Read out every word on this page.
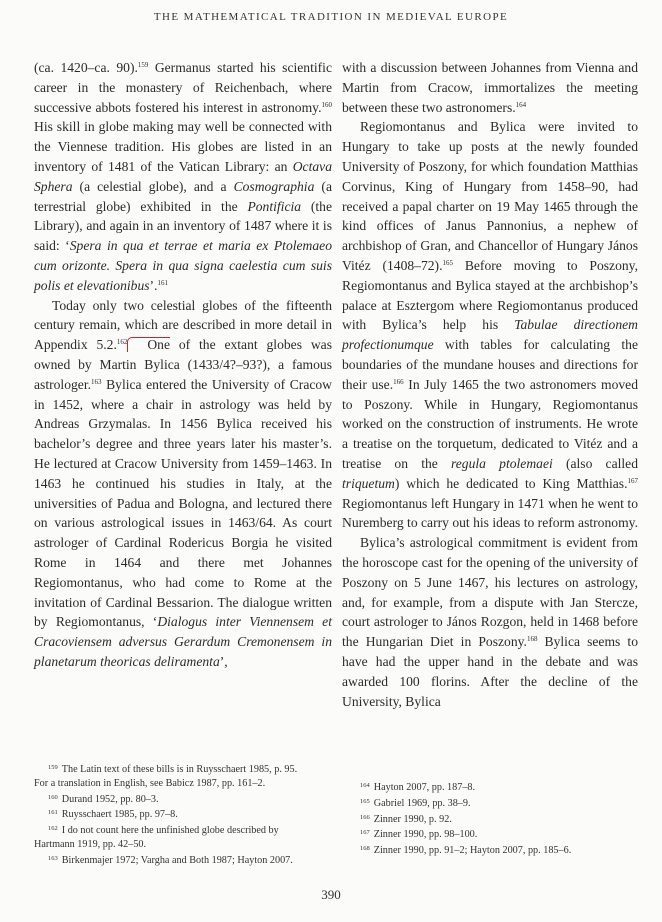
THE MATHEMATICAL TRADITION IN MEDIEVAL EUROPE

(ca. 1420–ca. 90).$^{159}$ Germanus started his scientific career in the monastery of Reichenbach, where successive abbots fostered his interest in astronomy.$^{160}$ His skill in globe making may well be connected with the Viennese tradition. His globes are listed in an inventory of 1481 of the Vatican Library: an Octava Sphera (a celestial globe), and a Cosmographia (a terrestrial globe) exhibited in the Pontificia (the Library), and again in an inventory of 1487 where it is said: ‘Spera in qua et terrae et maria ex Ptolemaeo cum orizonte. Spera in qua signa caelestia cum suis polis et elevationibus’.$^{161}$

Today only two celestial globes of the fifteenth century remain, which are described in more detail in Appendix 5.2.$^{162}$ One of the extant globes was owned by Martin Bylica (1433/4?–93?), a famous astrologer.$^{163}$ Bylica entered the University of Cracow in 1452, where a chair in astrology was held by Andreas Grzymalas. In 1456 Bylica received his bachelor’s degree and three years later his master’s. He lectured at Cracow University from 1459–1463. In 1463 he continued his studies in Italy, at the universities of Padua and Bologna, and lectured there on various astrological issues in 1463/64. As court astrologer of Cardinal Rodericus Borgia he visited Rome in 1464 and there met Johannes Regiomontanus, who had come to Rome at the invitation of Cardinal Bessarion. The dialogue written by Regiomontanus, ‘Dialogus inter Viennensem et Cracoviensem adversus Gerardum Cremonensem in planetarum theoricas deliramenta’,

with a discussion between Johannes from Vienna and Martin from Cracow, immortalizes the meeting between these two astronomers.$^{164}$

Regiomontanus and Bylica were invited to Hungary to take up posts at the newly founded University of Poszony, for which foundation Matthias Corvinus, King of Hungary from 1458–90, had received a papal charter on 19 May 1465 through the kind offices of Janus Pannonius, a nephew of archbishop of Gran, and Chancellor of Hungary János Vitéz (1408–72).$^{165}$ Before moving to Poszony, Regiomontanus and Bylica stayed at the archbishop’s palace at Esztergom where Regiomontanus produced with Bylica’s help his Tabulae directionem profectionumque with tables for calculating the boundaries of the mundane houses and directions for their use.$^{166}$ In July 1465 the two astronomers moved to Poszony. While in Hungary, Regiomontanus worked on the construction of instruments. He wrote a treatise on the torquetum, dedicated to Vitéz and a treatise on the regula ptolemaei (also called triquetum) which he dedicated to King Matthias.$^{167}$ Regiomontanus left Hungary in 1471 when he went to Nuremberg to carry out his ideas to reform astronomy.

Bylica’s astrological commitment is evident from the horoscope cast for the opening of the university of Poszony on 5 June 1467, his lectures on astrology, and, for example, from a dispute with Jan Stercze, court astrologer to János Rozgon, held in 1468 before the Hungarian Diet in Poszony.$^{168}$ Bylica seems to have had the upper hand in the debate and was awarded 100 florins. After the decline of the University, Bylica

$^{159}$ The Latin text of these bills is in Ruysschaert 1985, p. 95.

For a translation in English, see Babicz 1987, pp. 161–2.

$^{160}$ Durand 1952, pp. 80–3.

$^{161}$ Ruysschaert 1985, pp. 97–8.

$^{162}$ I do not count here the unfinished globe described by

Hartmann 1919, pp. 42–50.

$^{163}$ Birkenmajer 1972; Vargha and Both 1987; Hayton 2007.

$^{164}$ Hayton 2007, pp. 187–8.

$^{165}$ Gabriel 1969, pp. 38–9.

$^{166}$ Zinner 1990, p. 92.

$^{167}$ Zinner 1990, pp. 98–100.

$^{168}$ Zinner 1990, pp. 91–2; Hayton 2007, pp. 185–6.

390
